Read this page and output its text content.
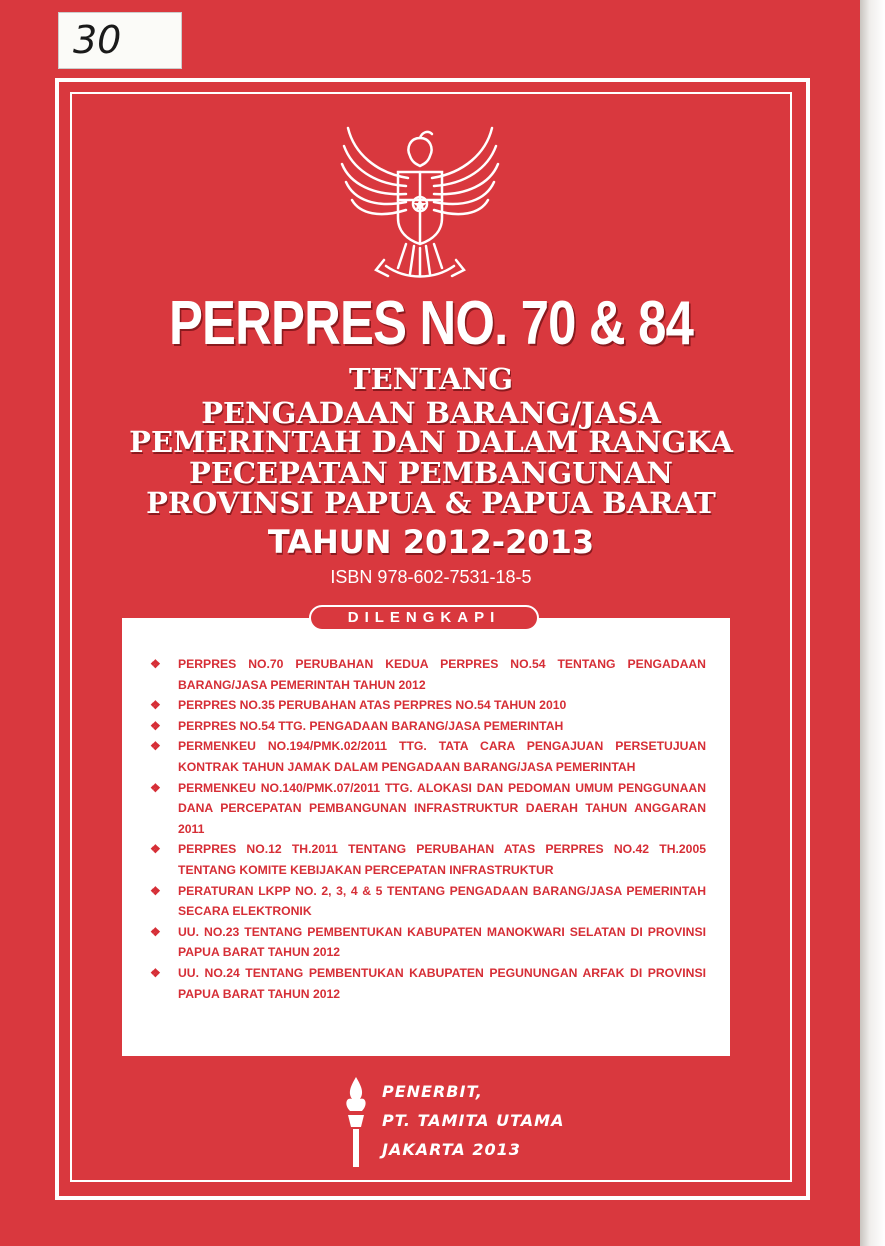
30
PERPRES NO. 70 & 84
TENTANG
PENGADAAN BARANG/JASA
PEMERINTAH DAN DALAM RANGKA
PECEPATAN PEMBANGUNAN
PROVINSI PAPUA & PAPUA BARAT
TAHUN 2012-2013
ISBN 978-602-7531-18-5
DILENGKAPI
❖ PERPRES NO.70 PERUBAHAN KEDUA PERPRES NO.54 TENTANG PENGADAAN BARANG/JASA PEMERINTAH TAHUN 2012
❖ PERPRES NO.35 PERUBAHAN ATAS PERPRES NO.54 TAHUN 2010
❖ PERPRES NO.54 TTG. PENGADAAN BARANG/JASA PEMERINTAH
❖ PERMENKEU NO.194/PMK.02/2011 TTG. TATA CARA PENGAJUAN PERSETUJUAN KONTRAK TAHUN JAMAK DALAM PENGADAAN BARANG/JASA PEMERINTAH
❖ PERMENKEU NO.140/PMK.07/2011 TTG. ALOKASI DAN PEDOMAN UMUM PENGGUNAAN DANA PERCEPATAN PEMBANGUNAN INFRASTRUKTUR DAERAH TAHUN ANGGARAN 2011
❖ PERPRES NO.12 TH.2011 TENTANG PERUBAHAN ATAS PERPRES NO.42 TH.2005 TENTANG KOMITE KEBIJAKAN PERCEPATAN INFRASTRUKTUR
❖ PERATURAN LKPP NO. 2, 3, 4 & 5 TENTANG PENGADAAN BARANG/JASA PEMERINTAH SECARA ELEKTRONIK
❖ UU. NO.23 TENTANG PEMBENTUKAN KABUPATEN MANOKWARI SELATAN DI PROVINSI PAPUA BARAT TAHUN 2012
❖ UU. NO.24 TENTANG PEMBENTUKAN KABUPATEN PEGUNUNGAN ARFAK DI PROVINSI PAPUA BARAT TAHUN 2012
PENERBIT,
PT. TAMITA UTAMA
JAKARTA 2013
